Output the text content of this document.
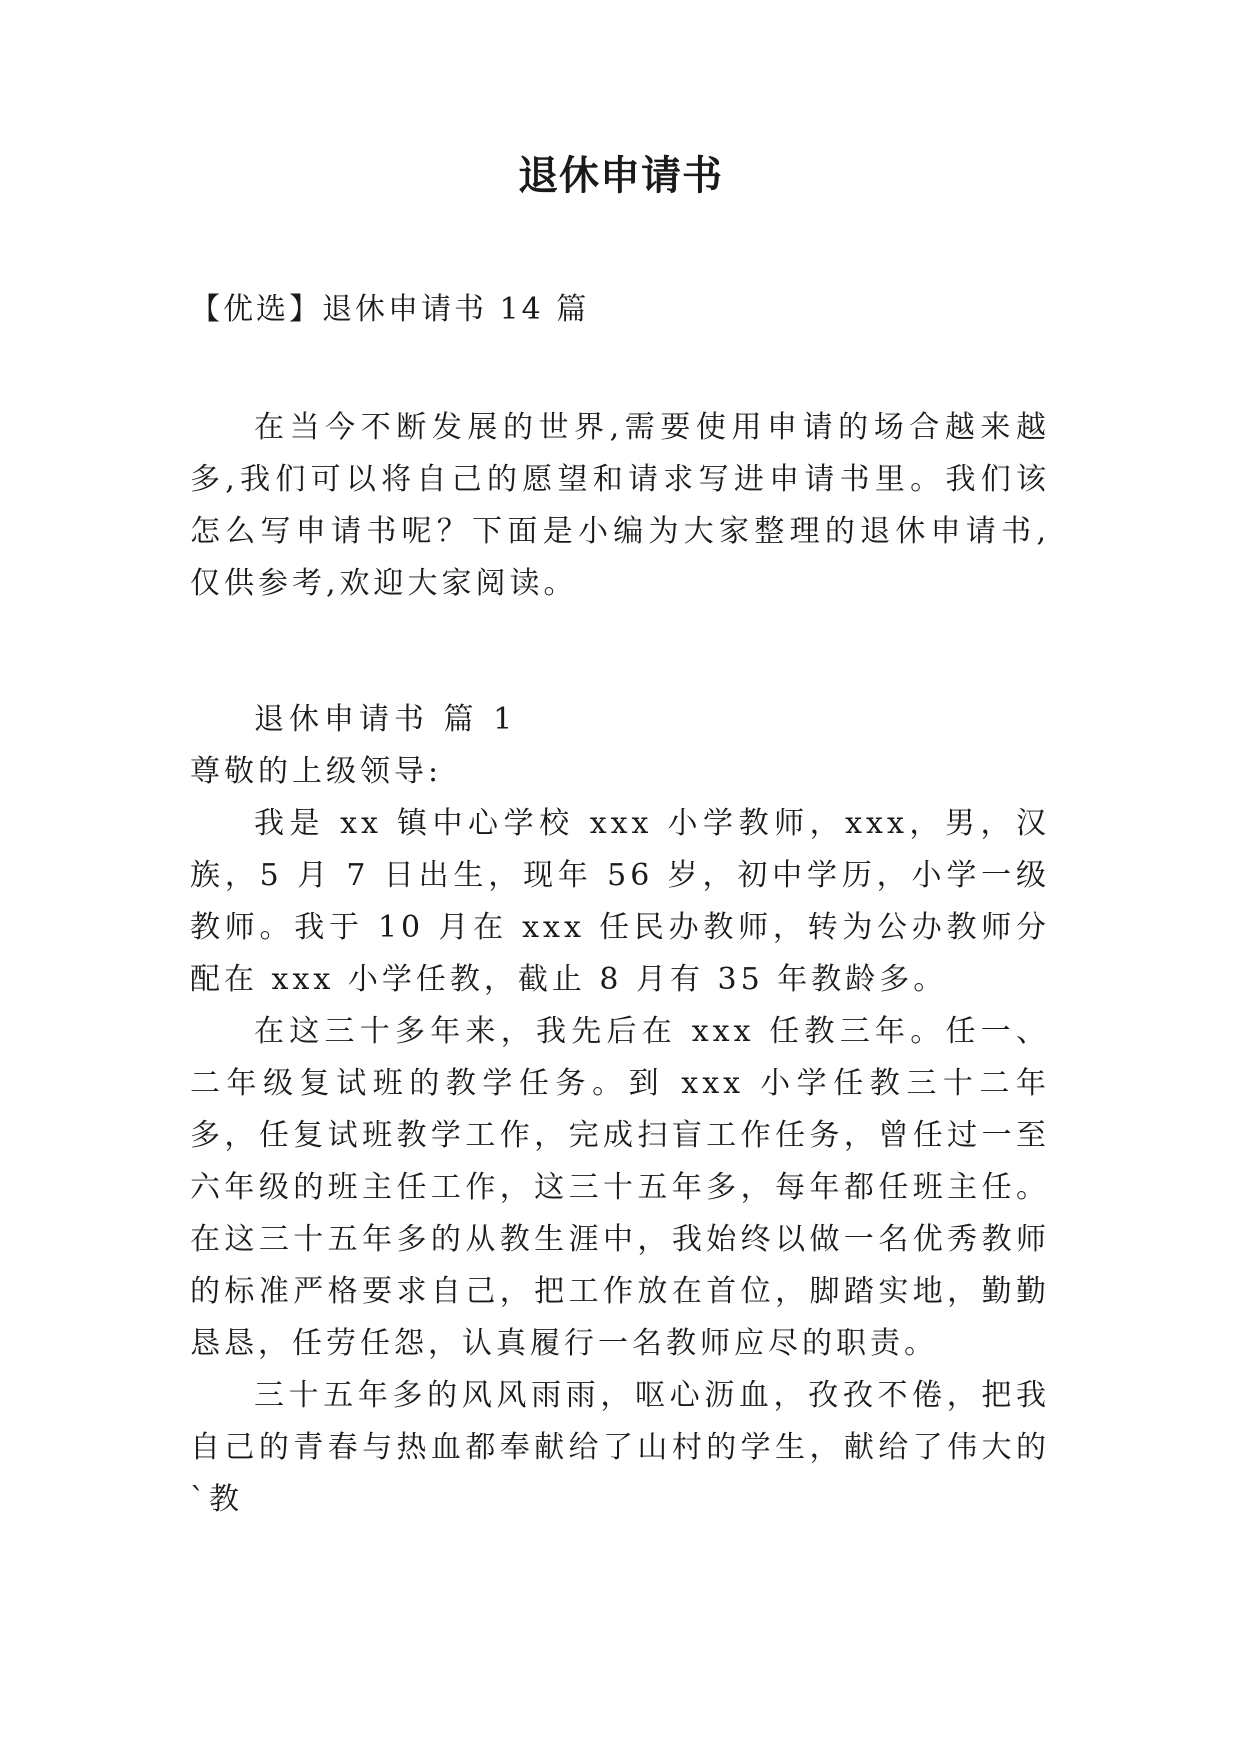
退休申请书
【优选】退休申请书 14 篇

在当今不断发展的世界,需要使用申请的场合越来越多,我们可以将自己的愿望和请求写进申请书里。我们该怎么写申请书呢？下面是小编为大家整理的退休申请书,仅供参考,欢迎大家阅读。

退休申请书 篇 1

尊敬的上级领导:

我是 xx 镇中心学校 xxx 小学教师，xxx，男，汉族，5 月 7 日出生，现年 56 岁，初中学历，小学一级教师。我于 10 月在 xxx 任民办教师，转为公办教师分配在 xxx 小学任教，截止 8 月有 35 年教龄多。

在这三十多年来，我先后在 xxx 任教三年。任一、二年级复试班的教学任务。到 xxx 小学任教三十二年多，任复试班教学工作，完成扫盲工作任务，曾任过一至六年级的班主任工作，这三十五年多，每年都任班主任。在这三十五年多的从教生涯中，我始终以做一名优秀教师的标准严格要求自己，把工作放在首位，脚踏实地，勤勤恳恳，任劳任怨，认真履行一名教师应尽的职责。

三十五年多的风风雨雨，呕心沥血，孜孜不倦，把我自己的青春与热血都奉献给了山村的学生，献给了伟大的`教
